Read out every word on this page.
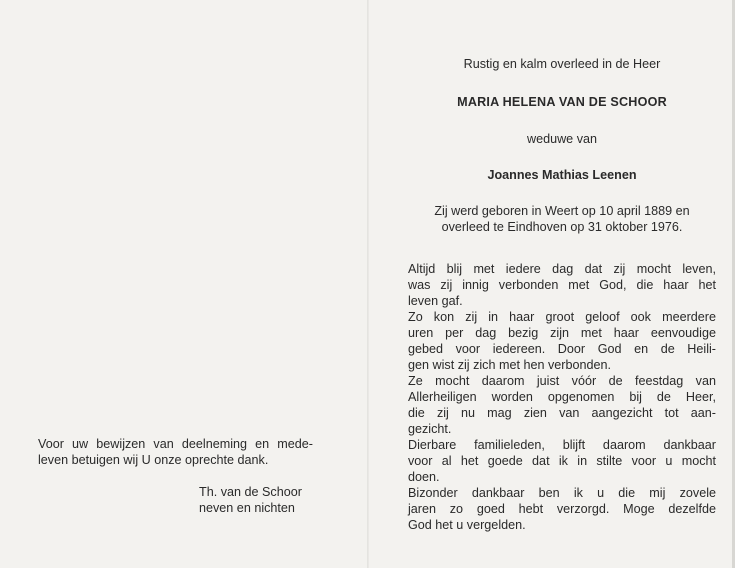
Voor uw bewijzen van deelneming en mede-

leven betuigen wij U onze oprechte dank.

Th. van de Schoor
neven en nichten
Rustig en kalm overleed in de Heer
MARIA HELENA VAN DE SCHOOR
weduwe van
Joannes Mathias Leenen
Zij werd geboren in Weert op 10 april 1889 en
overleed te Eindhoven op 31 oktober 1976.
Altijd blij met iedere dag dat zij mocht leven,
was zij innig verbonden met God, die haar het
leven gaf.
Zo kon zij in haar groot geloof ook meerdere
uren per dag bezig zijn met haar eenvoudige
gebed voor iedereen. Door God en de Heili-
gen wist zij zich met hen verbonden.
Ze mocht daarom juist vóór de feestdag van
Allerheiligen worden opgenomen bij de Heer,
die zij nu mag zien van aangezicht tot aan-
gezicht.
Dierbare familieleden, blijft daarom dankbaar
voor al het goede dat ik in stilte voor u mocht
doen.
Bizonder dankbaar ben ik u die mij zovele
jaren zo goed hebt verzorgd. Moge dezelfde
God het u vergelden.
